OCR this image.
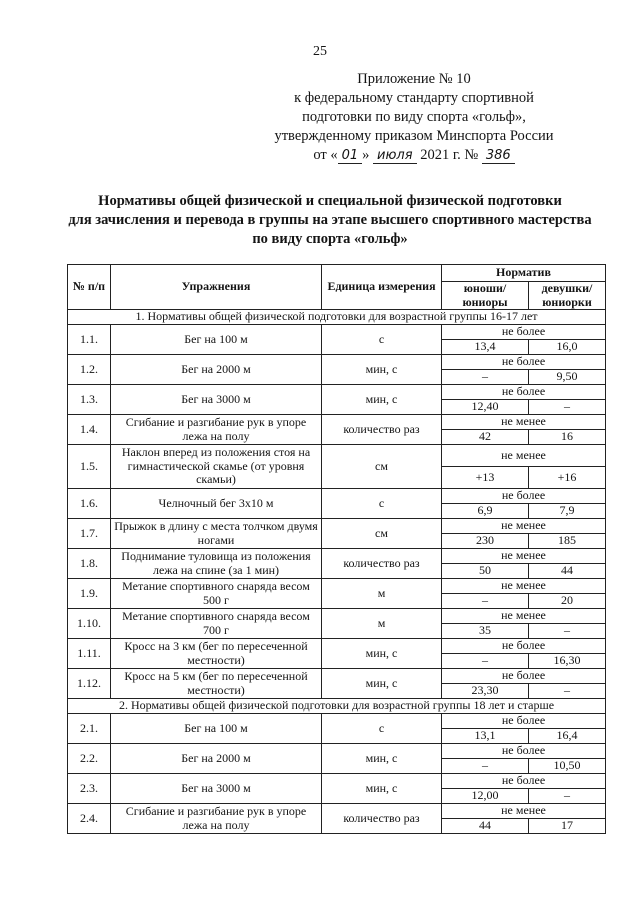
25
Приложение № 10
к федеральному стандарту спортивной
подготовки по виду спорта «гольф»,
утвержденному приказом Минспорта России
от « 01 » июля 2021 г. № 386
Нормативы общей физической и специальной физической подготовки
для зачисления и перевода в группы на этапе высшего спортивного мастерства
по виду спорта «гольф»
№ п/п	Упражнения	Единица измерения	Норматив	
			юноши/ юниоры	девушки/ юниорки
1. Нормативы общей физической подготовки для возрастной группы 16-17 лет				
1.1.	Бег на 100 м	с	не более	
			13,4	16,0
1.2.	Бег на 2000 м	мин, с	не более	
			–	9,50
1.3.	Бег на 3000 м	мин, с	не более	
			12,40	–
1.4.	Сгибание и разгибание рук в упоре лежа на полу	количество раз	не менее	
			42	16
1.5.	Наклон вперед из положения стоя на гимнастической скамье (от уровня скамьи)	см	не менее	
			+13	+16
1.6.	Челночный бег 3х10 м	с	не более	
			6,9	7,9
1.7.	Прыжок в длину с места толчком двумя ногами	см	не менее	
			230	185
1.8.	Поднимание туловища из положения лежа на спине (за 1 мин)	количество раз	не менее	
			50	44
1.9.	Метание спортивного снаряда весом 500 г	м	не менее	
			–	20
1.10.	Метание спортивного снаряда весом 700 г	м	не менее	
			35	–
1.11.	Кросс на 3 км (бег по пересеченной местности)	мин, с	не более	
			–	16,30
1.12.	Кросс на 5 км (бег по пересеченной местности)	мин, с	не более	
			23,30	–
2. Нормативы общей физической подготовки для возрастной группы 18 лет и старше				
2.1.	Бег на 100 м	с	не более	
			13,1	16,4
2.2.	Бег на 2000 м	мин, с	не более	
			–	10,50
2.3.	Бег на 3000 м	мин, с	не более	
			12,00	–
2.4.	Сгибание и разгибание рук в упоре лежа на полу	количество раз	не менее	
			44	17
